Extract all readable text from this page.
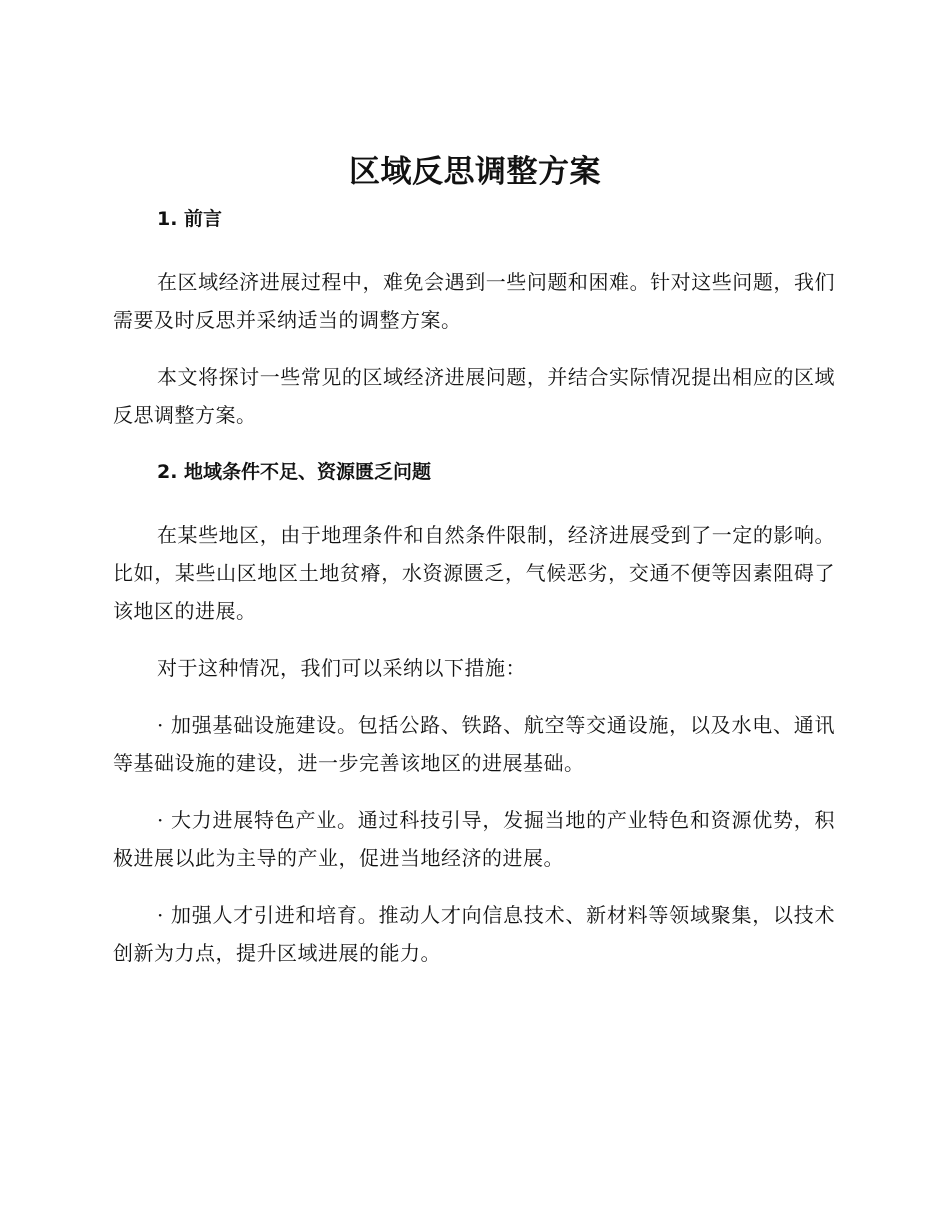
区域反思调整方案
1. 前言

在区域经济进展过程中，难免会遇到一些问题和困难。针对这些问题，我们需要及时反思并采纳适当的调整方案。

本文将探讨一些常见的区域经济进展问题，并结合实际情况提出相应的区域反思调整方案。

2. 地域条件不足、资源匮乏问题

在某些地区，由于地理条件和自然条件限制，经济进展受到了一定的影响。比如，某些山区地区土地贫瘠，水资源匮乏，气候恶劣，交通不便等因素阻碍了该地区的进展。

对于这种情况，我们可以采纳以下措施：

· 加强基础设施建设。包括公路、铁路、航空等交通设施，以及水电、通讯等基础设施的建设，进一步完善该地区的进展基础。

· 大力进展特色产业。通过科技引导，发掘当地的产业特色和资源优势，积极进展以此为主导的产业，促进当地经济的进展。

· 加强人才引进和培育。推动人才向信息技术、新材料等领域聚集，以技术创新为力点，提升区域进展的能力。
